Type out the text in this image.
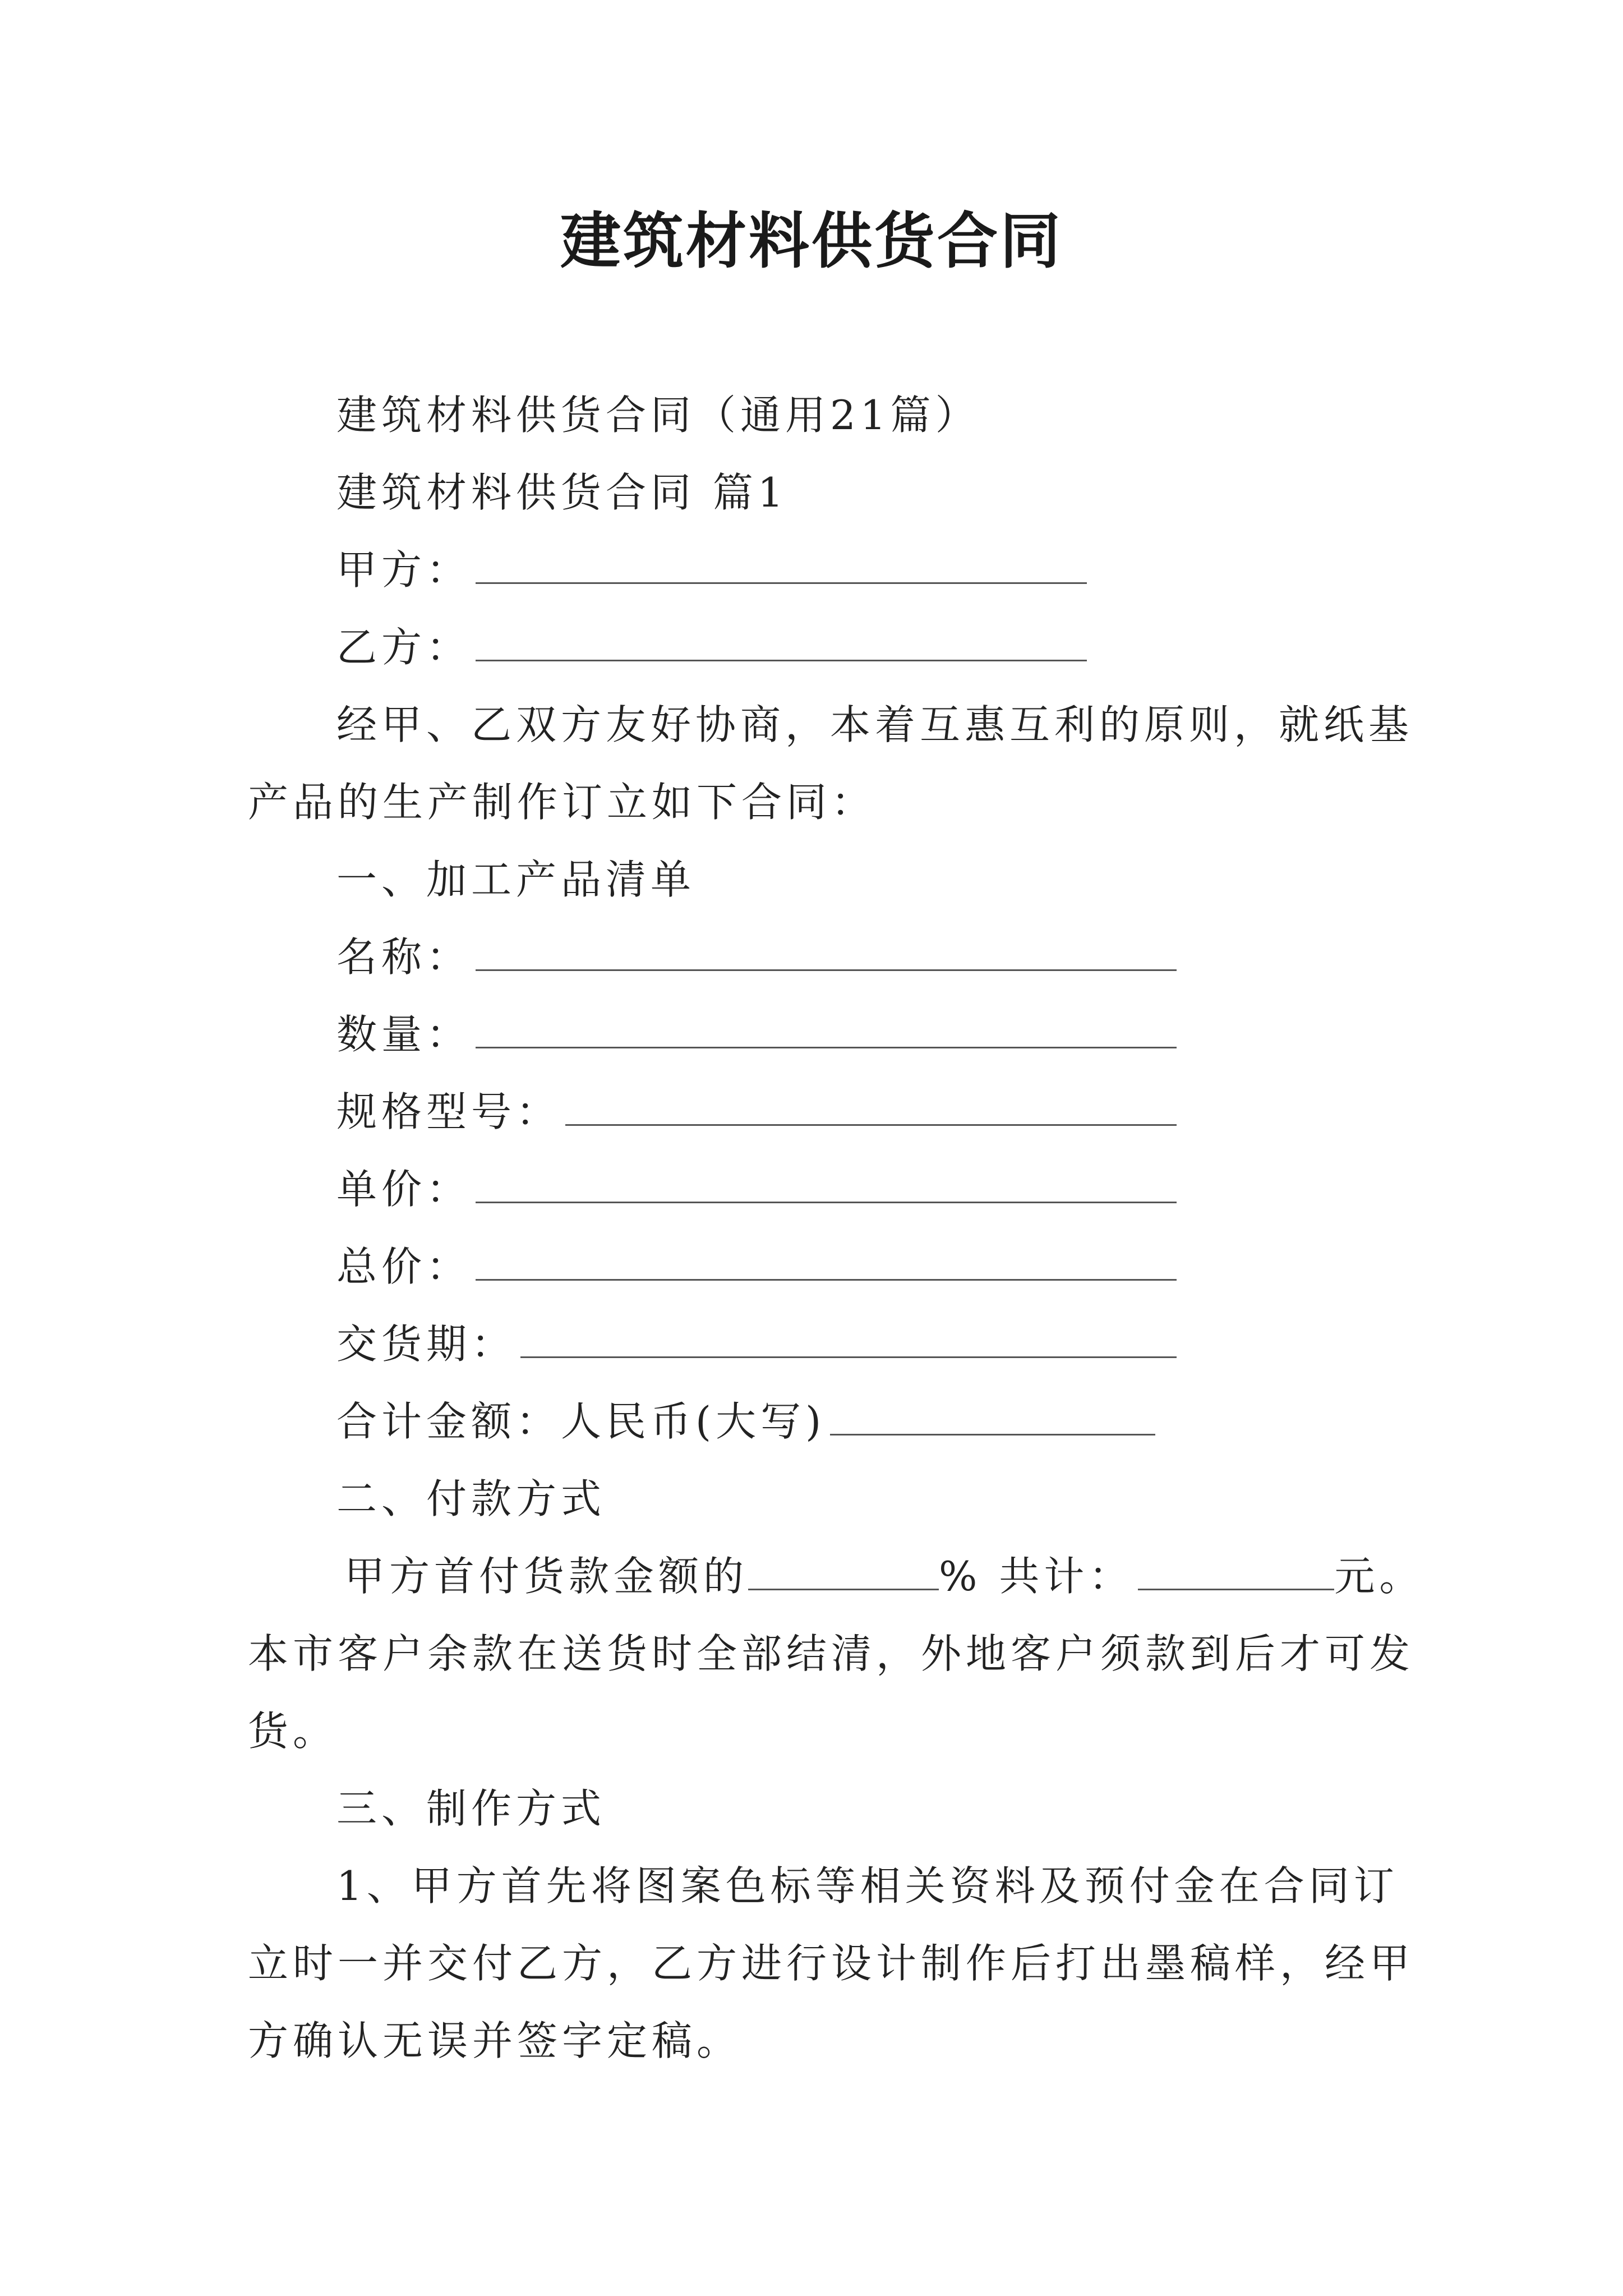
建筑材料供货合同
建筑材料供货合同（通用21篇）
建筑材料供货合同 篇1
甲方：
乙方：
经甲、乙双方友好协商，本着互惠互利的原则，就纸基
产品的生产制作订立如下合同：
一、加工产品清单
名称：
数量：
规格型号：
单价：
总价：
交货期：
合计金额：人民币(大写)
二、付款方式
甲方首付货款金额的	% 共计：	元。
本市客户余款在送货时全部结清，外地客户须款到后才可发
货。
三、制作方式
1、甲方首先将图案色标等相关资料及预付金在合同订
立时一并交付乙方，乙方进行设计制作后打出墨稿样，经甲
方确认无误并签字定稿。
